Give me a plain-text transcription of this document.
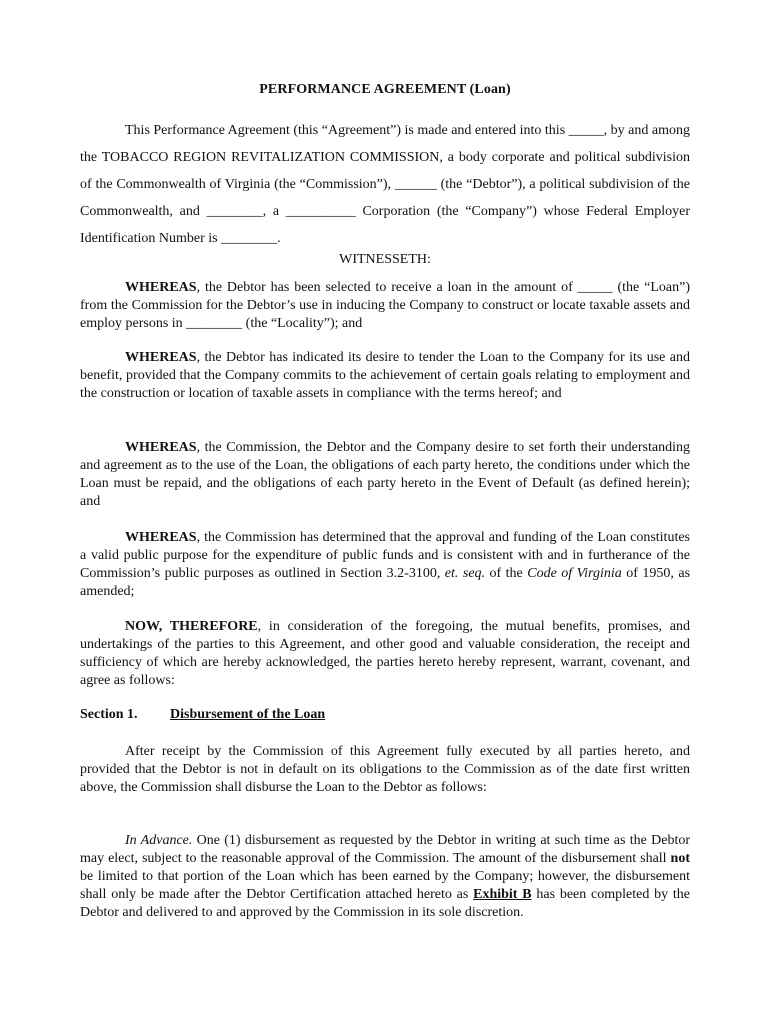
PERFORMANCE AGREEMENT (Loan)

This Performance Agreement (this “Agreement”) is made and entered into this _____, by and among the TOBACCO REGION REVITALIZATION COMMISSION, a body corporate and political subdivision of the Commonwealth of Virginia (the “Commission”), ______ (the “Debtor”), a political subdivision of the Commonwealth, and ________, a __________ Corporation (the “Company”) whose Federal Employer Identification Number is ________.

WITNESSETH:

WHEREAS, the Debtor has been selected to receive a loan in the amount of _____ (the “Loan”) from the Commission for the Debtor’s use in inducing the Company to construct or locate taxable assets and employ persons in ________ (the “Locality”); and

WHEREAS, the Debtor has indicated its desire to tender the Loan to the Company for its use and benefit, provided that the Company commits to the achievement of certain goals relating to employment and the construction or location of taxable assets in compliance with the terms hereof; and

WHEREAS, the Commission, the Debtor and the Company desire to set forth their understanding and agreement as to the use of the Loan, the obligations of each party hereto, the conditions under which the Loan must be repaid, and the obligations of each party hereto in the Event of Default (as defined herein); and

WHEREAS, the Commission has determined that the approval and funding of the Loan constitutes a valid public purpose for the expenditure of public funds and is consistent with and in furtherance of the Commission’s public purposes as outlined in Section 3.2-3100, et. seq. of the Code of Virginia of 1950, as amended;

NOW, THEREFORE, in consideration of the foregoing, the mutual benefits, promises, and undertakings of the parties to this Agreement, and other good and valuable consideration, the receipt and sufficiency of which are hereby acknowledged, the parties hereto hereby represent, warrant, covenant, and agree as follows:

Section 1. Disbursement of the Loan

After receipt by the Commission of this Agreement fully executed by all parties hereto, and provided that the Debtor is not in default on its obligations to the Commission as of the date first written above, the Commission shall disburse the Loan to the Debtor as follows:

In Advance. One (1) disbursement as requested by the Debtor in writing at such time as the Debtor may elect, subject to the reasonable approval of the Commission. The amount of the disbursement shall not be limited to that portion of the Loan which has been earned by the Company; however, the disbursement shall only be made after the Debtor Certification attached hereto as Exhibit B has been completed by the Debtor and delivered to and approved by the Commission in its sole discretion.
